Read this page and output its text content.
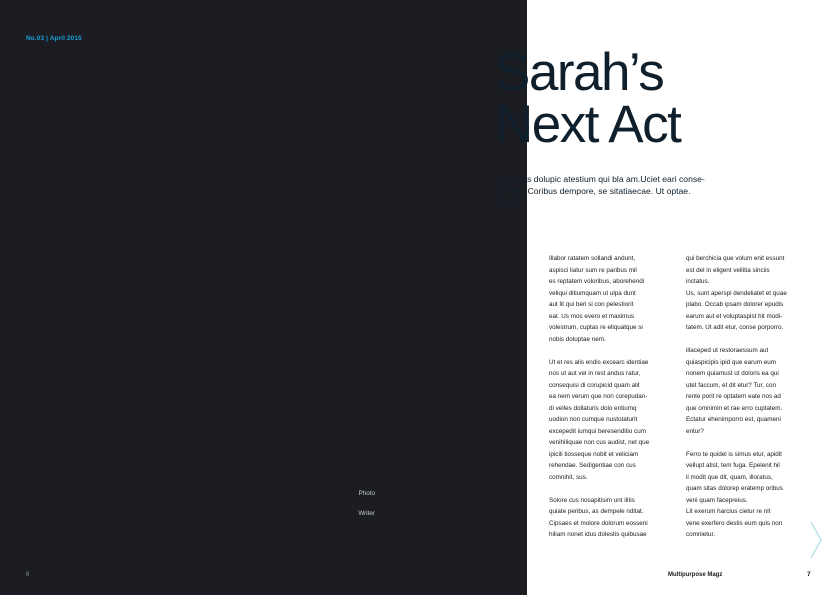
No.03 | April 2015
Sarah’s
Next Act
quae alis dolupic atestium qui bla am.Uciet eari conse-
ia nem. Coribus dempore, se sitatiaecae. Ut optae.
l quod

Illabor ratatem sollandi andunt,
aspisci liatur sum re paribus mil
es reptatem voloribus, aborehendi
veliqui ditiumquam ut ulpa dunt
aut lit qui beri si con pelestiorit
eat. Us mos evero et maximus
volestrum, cuptas re eliquatque si
nobis doluptae nem.

Ut et res alis endis excearc identiae
nos ut aut vel in rest andus ratur,
consequisi di corupicid quam alit
ea nem verum que non corepudan-
di velles dollaturis dolo entiumq
uodion non cumque nustotaturit
excepedit iumqui beresenditio cum
venihiliquae non cus audist, net que
ipicili tiosseque nobit et veliciam
rehendae. Sedigentiae con cus
comnihit, sus.

Solore cus nosapitisim unt ilitis
quiate peribus, as dempele nditat.
Cipsaes et molore dolorum eosseni
hiliam nonet idus dolestis quibusae

qui berchicia que volum enit essunt
est del in eligent vellitia sinciis
inctatus.
Us, sunt aperspi dendeliatet et quae
plabo. Occab ipsam dolorer epudis
earum aut et voluptaspist hit modi-
tatem. Ut adit etur, conse porporro.

illaceped ut restoraessum aut
quiaspicipis ipid que earum eum
nonem quiamust ut doloris ea qui
utet faccum, et dit etur? Tur, con
rente porit re optatem eate nos ad
que omnimin et rae erro cuptatem.
Ectatur ehenimporro est, quameni
entur?

Ferro te quidel is simus etur, apidit
vellupt atist, tem fuga. Epelenit hil
il modit que dit, quam, illoratus,
quam sitas dolorep eratemp oribus
veni quam facepreius.
Lit exerum harcius cietur re nit
vene exerfero destis eum quis non
comnietur.

Photo
Writer
6	Multipurpose Magz	7
